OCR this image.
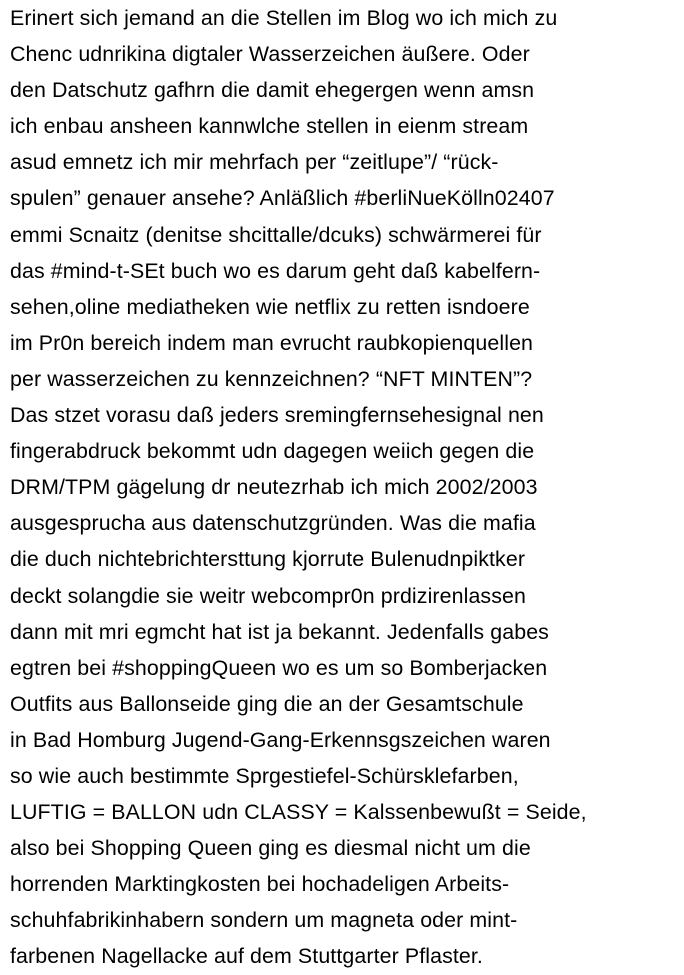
Erinert sich jemand an die Stellen im Blog wo ich mich zu
Chenc udnrikina digtaler Wasserzeichen äußere. Oder
den Datschutz gafhrn die damit ehegergen wenn amsn
ich enbau ansheen kannwlche stellen in eienm stream
asud emnetz ich mir mehrfach per “zeitlupe”/ “rück-
spulen” genauer ansehe? Anläßlich #berliNueKölln02407
emmi Scnaitz (denitse shcittalle/dcuks) schwärmerei für
das #mind-t-SEt buch wo es darum geht daß kabelfern-
sehen,oline mediatheken wie netflix zu retten isndoere
im Pr0n bereich indem man evrucht raubkopienquellen
per wasserzeichen zu kennzeichnen? “NFT MINTEN”?
Das stzet vorasu daß jeders sremingfernsehesignal nen
fingerabdruck bekommt udn dagegen weiich gegen die
DRM/TPM gägelung dr neutezrhab ich mich 2002/2003
ausgesprucha aus datenschutzgründen. Was die mafia
die duch nichtebrichtersttung kjorrute Bulenudnpiktker
deckt solangdie sie weitr webcompr0n prdizirenlassen
dann mit mri egmcht hat ist ja bekannt. Jedenfalls gabes
egtren bei #shoppingQueen wo es um so Bomberjacken
Outfits aus Ballonseide ging die an der Gesamtschule
in Bad Homburg Jugend-Gang-Erkennsgszeichen waren
so wie auch bestimmte Sprgestiefel-Schürsklefarben,
LUFTIG = BALLON udn CLASSY = Kalssenbewußt = Seide,
also bei Shopping Queen ging es diesmal nicht um die
horrenden Marktingkosten bei hochadeligen Arbeits-
schuhfabrikinhabern sondern um magneta oder mint-
farbenen Nagellacke auf dem Stuttgarter Pflaster.
